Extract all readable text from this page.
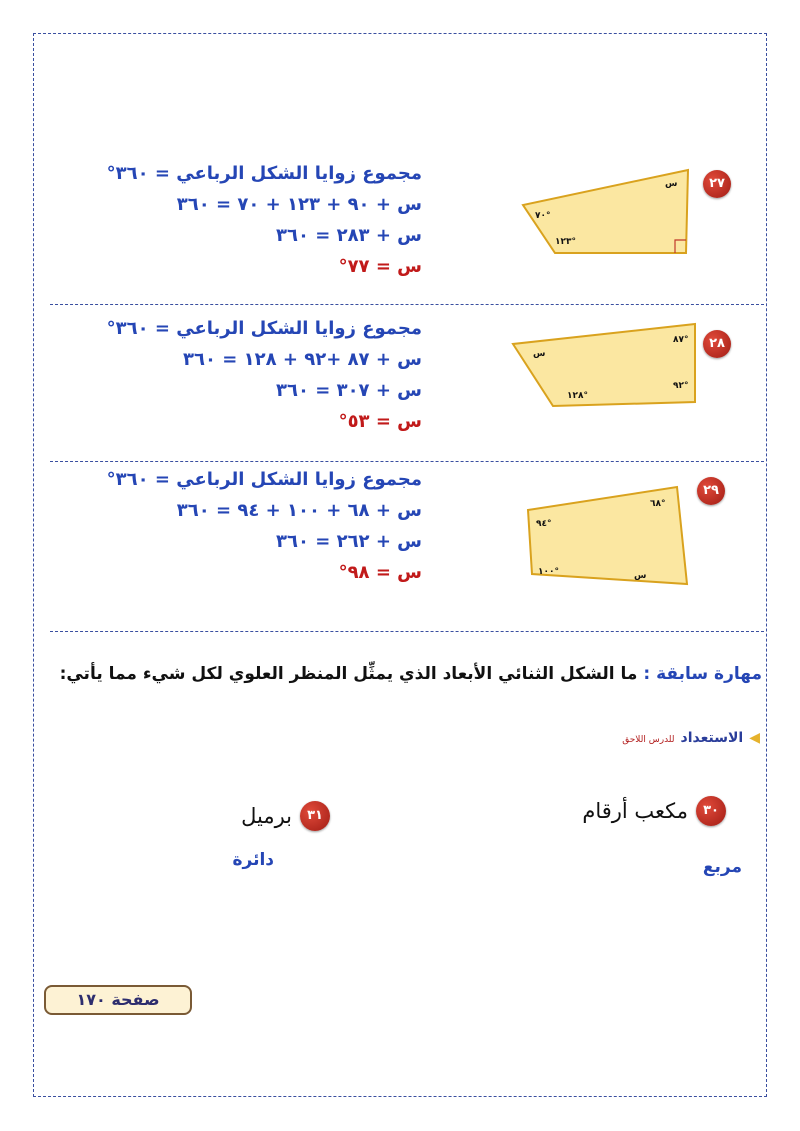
٢٧
س
٧٠°
١٢٣°
مجموع زوايا الشكل الرباعي = ٣٦٠°
س + ٩٠ + ١٢٣ + ٧٠ = ٣٦٠
س + ٢٨٣ = ٣٦٠
س = ٧٧°
٢٨
٨٧°
س
١٢٨°
٩٢°
مجموع زوايا الشكل الرباعي = ٣٦٠°
س + ٨٧ +٩٢ + ١٢٨ = ٣٦٠
س + ٣٠٧ = ٣٦٠
س = ٥٣°
٢٩
٦٨°
٩٤°
١٠٠°	س
مجموع زوايا الشكل الرباعي = ٣٦٠°
س + ٦٨ + ١٠٠ + ٩٤ = ٣٦٠
س + ٢٦٢ = ٣٦٠
س = ٩٨°
مهارة سابقة : ما الشكل الثنائي الأبعاد الذي يمثِّل المنظر العلوي لكل شيء مما يأتي:
◀
الاستعداد
للدرس اللاحق
٣٠
مكعب أرقام
مربع
٣١
برميل
دائرة
صفحة ١٧٠
